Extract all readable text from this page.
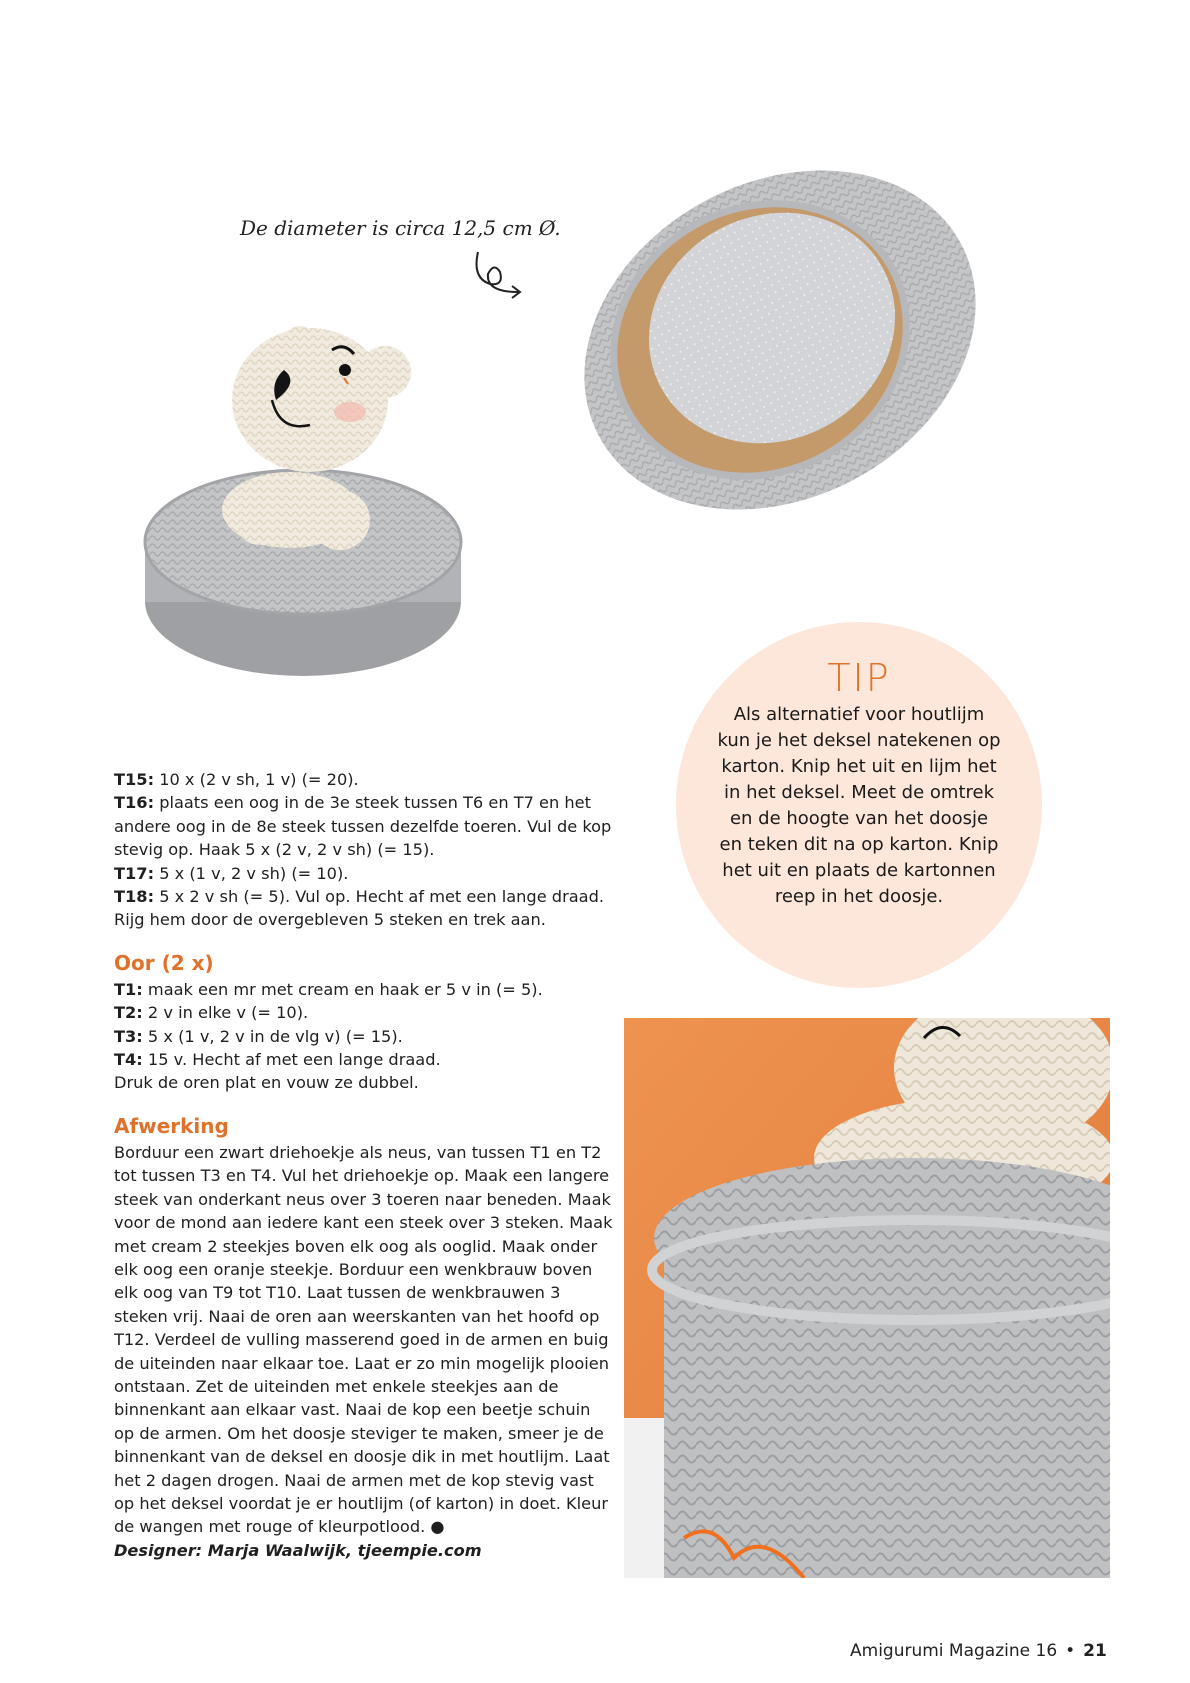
De diameter is circa 12,5 cm Ø.
TIP
Als alternatief voor houtlijm kun je het deksel natekenen op karton. Knip het uit en lijm het in het deksel. Meet de omtrek en de hoogte van het doosje en teken dit na op karton. Knip het uit en plaats de kartonnen reep in het doosje.

T15: 10 x (2 v sh, 1 v) (= 20).

T16: plaats een oog in de 3e steek tussen T6 en T7 en het andere oog in de 8e steek tussen dezelfde toeren. Vul de kop stevig op. Haak 5 x (2 v, 2 v sh) (= 15).

T17: 5 x (1 v, 2 v sh) (= 10).

T18: 5 x 2 v sh (= 5). Vul op. Hecht af met een lange draad. Rijg hem door de overgebleven 5 steken en trek aan.

Oor (2 x)

T1: maak een mr met cream en haak er 5 v in (= 5).

T2: 2 v in elke v (= 10).

T3: 5 x (1 v, 2 v in de vlg v) (= 15).

T4: 15 v. Hecht af met een lange draad.

Druk de oren plat en vouw ze dubbel.

Afwerking

Borduur een zwart driehoekje als neus, van tussen T1 en T2 tot tussen T3 en T4. Vul het driehoekje op. Maak een langere steek van onderkant neus over 3 toeren naar beneden. Maak voor de mond aan iedere kant een steek over 3 steken. Maak met cream 2 steekjes boven elk oog als ooglid. Maak onder elk oog een oranje steekje. Borduur een wenkbrauw boven elk oog van T9 tot T10. Laat tussen de wenkbrauwen 3 steken vrij. Naai de oren aan weerskanten van het hoofd op T12. Verdeel de vulling masserend goed in de armen en buig de uiteinden naar elkaar toe. Laat er zo min mogelijk plooien ontstaan. Zet de uiteinden met enkele steekjes aan de binnenkant aan elkaar vast. Naai de kop een beetje schuin op de armen. Om het doosje steviger te maken, smeer je de binnenkant van de deksel en doosje dik in met houtlijm. Laat het 2 dagen drogen. Naai de armen met de kop stevig vast op het deksel voordat je er houtlijm (of karton) in doet. Kleur de wangen met rouge of kleurpotlood. ●

Designer: Marja Waalwijk, tjeempie.com

Amigurumi Magazine 16 • 21
